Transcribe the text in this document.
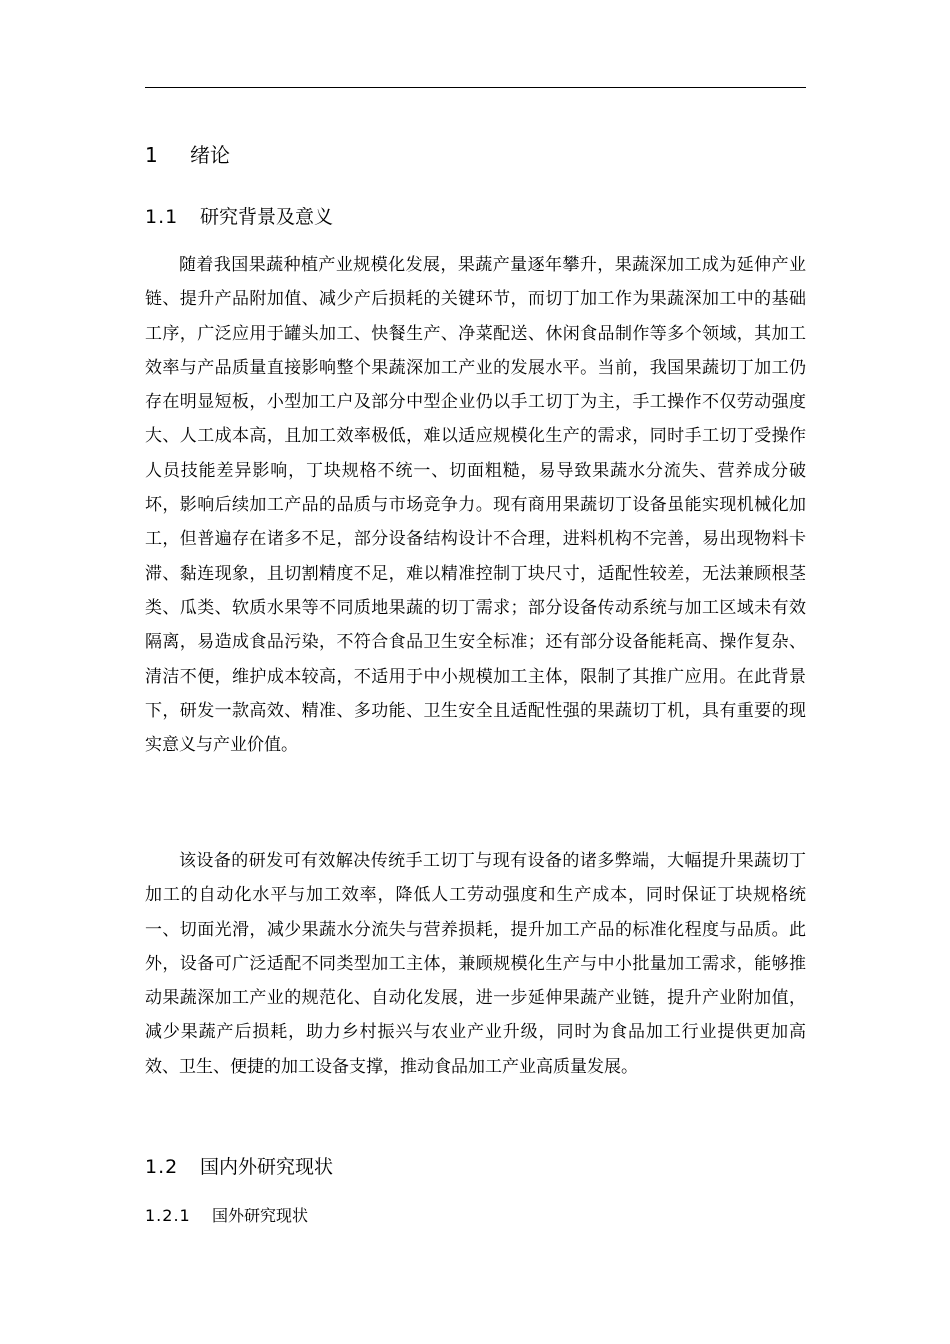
1 绪论
1.1 研究背景及意义

随着我国果蔬种植产业规模化发展，果蔬产量逐年攀升，果蔬深加工成为延伸产业链、提升产品附加值、减少产后损耗的关键环节，而切丁加工作为果蔬深加工中的基础工序，广泛应用于罐头加工、快餐生产、净菜配送、休闲食品制作等多个领域，其加工效率与产品质量直接影响整个果蔬深加工产业的发展水平。当前，我国果蔬切丁加工仍存在明显短板，小型加工户及部分中型企业仍以手工切丁为主，手工操作不仅劳动强度大、人工成本高，且加工效率极低，难以适应规模化生产的需求，同时手工切丁受操作人员技能差异影响，丁块规格不统一、切面粗糙，易导致果蔬水分流失、营养成分破坏，影响后续加工产品的品质与市场竞争力。现有商用果蔬切丁设备虽能实现机械化加工，但普遍存在诸多不足，部分设备结构设计不合理，进料机构不完善，易出现物料卡滞、黏连现象，且切割精度不足，难以精准控制丁块尺寸，适配性较差，无法兼顾根茎类、瓜类、软质水果等不同质地果蔬的切丁需求；部分设备传动系统与加工区域未有效隔离，易造成食品污染，不符合食品卫生安全标准；还有部分设备能耗高、操作复杂、清洁不便，维护成本较高，不适用于中小规模加工主体，限制了其推广应用。在此背景下，研发一款高效、精准、多功能、卫生安全且适配性强的果蔬切丁机，具有重要的现实意义与产业价值。

该设备的研发可有效解决传统手工切丁与现有设备的诸多弊端，大幅提升果蔬切丁加工的自动化水平与加工效率，降低人工劳动强度和生产成本，同时保证丁块规格统一、切面光滑，减少果蔬水分流失与营养损耗，提升加工产品的标准化程度与品质。此外，设备可广泛适配不同类型加工主体，兼顾规模化生产与中小批量加工需求，能够推动果蔬深加工产业的规范化、自动化发展，进一步延伸果蔬产业链，提升产业附加值，减少果蔬产后损耗，助力乡村振兴与农业产业升级，同时为食品加工行业提供更加高效、卫生、便捷的加工设备支撑，推动食品加工产业高质量发展。

1.2 国内外研究现状
1.2.1 国外研究现状
